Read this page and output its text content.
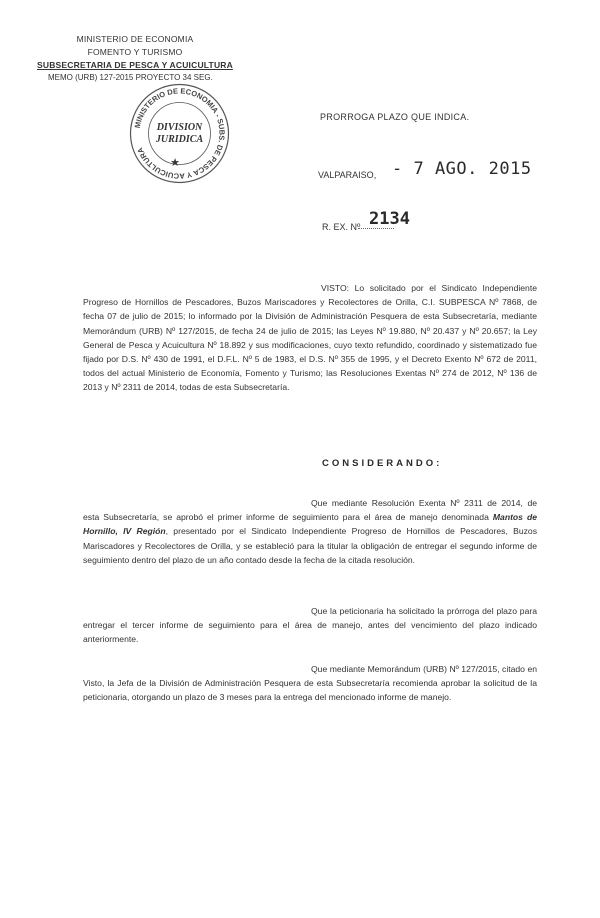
MINISTERIO DE ECONOMIA
FOMENTO Y TURISMO
SUBSECRETARIA DE PESCA Y ACUICULTURA
MEMO (URB) 127-2015 PROYECTO 34 SEG.
MINISTERIO DE ECONOMIA - SUBS. DE PESCA Y ACUICULTURA
DIVISION
JURIDICA
★
PRORROGA PLAZO QUE INDICA.
VALPARAISO, - 7 AGO. 2015
R. EX. Nº 2134
VISTO: Lo solicitado por el Sindicato Independiente Progreso de Hornillos de Pescadores, Buzos Mariscadores y Recolectores de Orilla, C.I. SUBPESCA Nº 7868, de fecha 07 de julio de 2015; lo informado por la División de Administración Pesquera de esta Subsecretaría, mediante Memorándum (URB) Nº 127/2015, de fecha 24 de julio de 2015; las Leyes Nº 19.880, Nº 20.437 y Nº 20.657; la Ley General de Pesca y Acuicultura Nº 18.892 y sus modificaciones, cuyo texto refundido, coordinado y sistematizado fue fijado por D.S. Nº 430 de 1991, el D.F.L. Nº 5 de 1983, el D.S. Nº 355 de 1995, y el Decreto Exento Nº 672 de 2011, todos del actual Ministerio de Economía, Fomento y Turismo; las Resoluciones Exentas Nº 274 de 2012, Nº 136 de 2013 y Nº 2311 de 2014, todas de esta Subsecretaría.
CONSIDERANDO:
Que mediante Resolución Exenta Nº 2311 de 2014, de esta Subsecretaría, se aprobó el primer informe de seguimiento para el área de manejo denominada Mantos de Hornillo, IV Región, presentado por el Sindicato Independiente Progreso de Hornillos de Pescadores, Buzos Mariscadores y Recolectores de Orilla, y se estableció para la titular la obligación de entregar el segundo informe de seguimiento dentro del plazo de un año contado desde la fecha de la citada resolución.
Que la peticionaria ha solicitado la prórroga del plazo para entregar el tercer informe de seguimiento para el área de manejo, antes del vencimiento del plazo indicado anteriormente.
Que mediante Memorándum (URB) Nº 127/2015, citado en Visto, la Jefa de la División de Administración Pesquera de esta Subsecretaría recomienda aprobar la solicitud de la peticionaria, otorgando un plazo de 3 meses para la entrega del mencionado informe de manejo.
